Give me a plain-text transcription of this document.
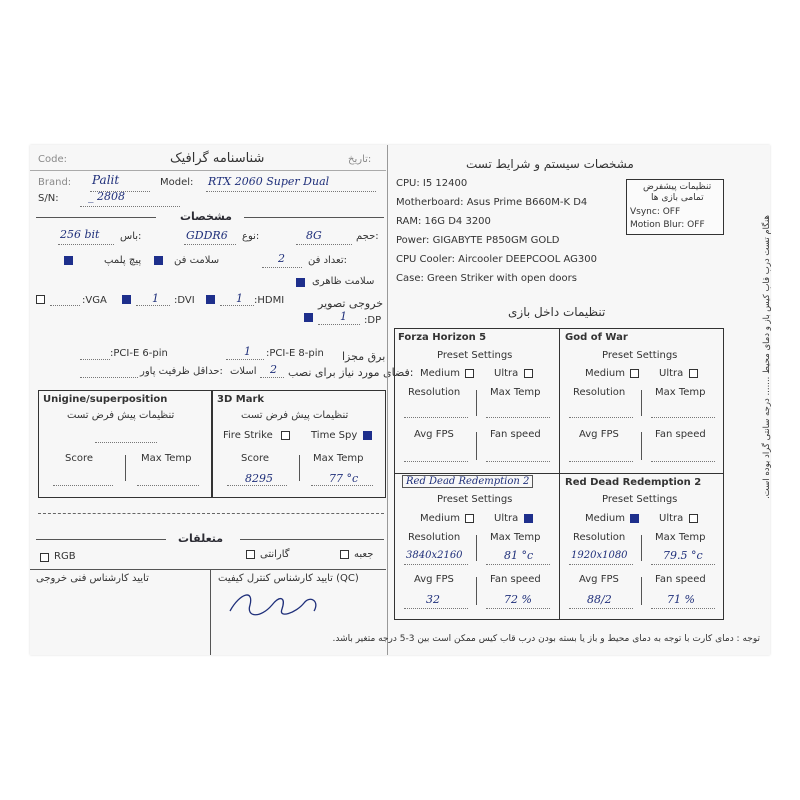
Code:	شناسنامه گرافیک	تاریخ:
Brand: Palit	Model: RTX 2060 Super Dual
S/N:	_ 2808
مشخصات
256 bit باس:	GDDR6 نوع:	8G	حجم:
پیچ پلمپ	سلامت فن	2 تعداد فن:
سلامت ظاهری
:VGA	1 :DVI	1 :HDMI	خروجی تصویر
1 :DP
:PCI-E 6-pin	1 :PCI-E 8-pin برق مجزا
حداقل ظرفیت پاور: اسلات 2 فضای مورد نیاز برای نصب:
Unigine/superposition
تنظیمات پیش فرض تست
Score	Max Temp
3D Mark
تنظیمات پیش فرض تست
Fire Strike	Time Spy
Score	Max Temp
8295	77 °c
متعلقات
RGB	گارانتی	جعبه
تایید کارشناس فنی خروجی	تایید کارشناس کنترل کیفیت (QC)
مشخصات سیستم و شرایط تست
CPU: I5 12400
Motherboard: Asus Prime B660M-K D4
RAM: 16G D4 3200
Power: GIGABYTE P850GM GOLD
CPU Cooler: Aircooler DEEPCOOL AG300
Case: Green Striker with open doors
تنظیمات پیشفرض
تمامی بازی ها
Vsync: OFF
Motion Blur: OFF
تنظیمات داخل بازی
Forza Horizon 5
Preset Settings
Medium	Ultra
Resolution	Max Temp
Avg FPS	Fan speed
God of War
Preset Settings
Medium	Ultra
Resolution	Max Temp
Avg FPS	Fan speed
Red Dead Redemption 2
Preset Settings
Medium	Ultra
Resolution	Max Temp
3840x2160	81 °c
Avg FPS	Fan speed
32	72 %
Red Dead Redemption 2
Preset Settings
Medium	Ultra
Resolution	Max Temp
1920x1080	79.5 °c
Avg FPS	Fan speed
88/2	71 %
هنگام تست درب قاب کیس باز و دمای محیط ....... درجه سانتی گراد بوده است.
توجه : دمای کارت با توجه به دمای محیط و باز یا بسته بودن درب قاب کیس ممکن است بین 3-5 درجه متغیر باشد.
